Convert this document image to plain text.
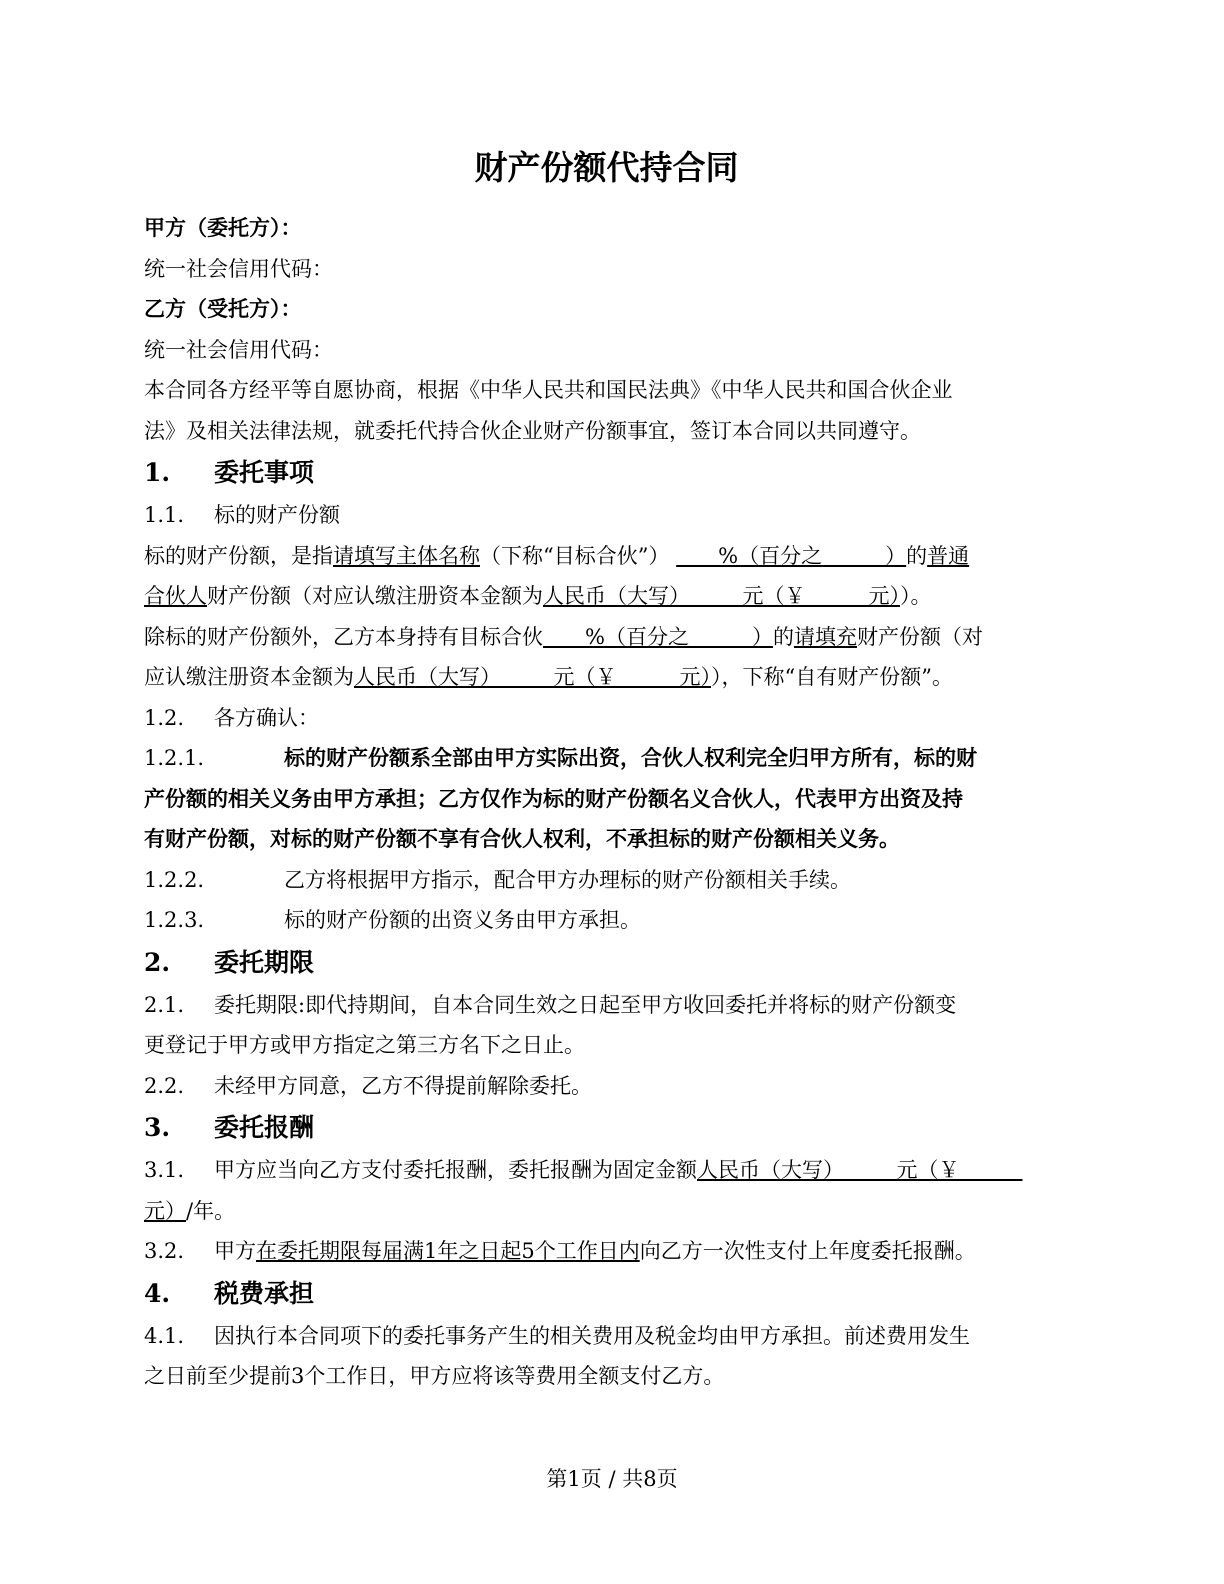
财产份额代持合同
甲方（委托方）：
统一社会信用代码：
乙方（受托方）：
统一社会信用代码：
本合同各方经平等自愿协商，根据《中华人民共和国民法典》《中华人民共和国合伙企业
法》及相关法律法规，就委托代持合伙企业财产份额事宜，签订本合同以共同遵守。
1. 委托事项
1.1. 标的财产份额
标的财产份额，是指请填写主体名称（下称“目标合伙”） 　　%（百分之　　　）的普通
合伙人财产份额（对应认缴注册资本金额为人民币（大写）　　　元（￥　　　元））。
除标的财产份额外，乙方本身持有目标合伙　　%（百分之　　　）的请填充财产份额（对
应认缴注册资本金额为人民币（大写）　　　元（￥　　　元）），下称“自有财产份额”。
1.2. 各方确认：
1.2.1.	标的财产份额系全部由甲方实际出资，合伙人权利完全归甲方所有，标的财
产份额的相关义务由甲方承担；乙方仅作为标的财产份额名义合伙人，代表甲方出资及持
有财产份额，对标的财产份额不享有合伙人权利，不承担标的财产份额相关义务。
1.2.2.	乙方将根据甲方指示，配合甲方办理标的财产份额相关手续。
1.2.3.	标的财产份额的出资义务由甲方承担。
2. 委托期限
2.1. 委托期限:即代持期间，自本合同生效之日起至甲方收回委托并将标的财产份额变
更登记于甲方或甲方指定之第三方名下之日止。
2.2. 未经甲方同意，乙方不得提前解除委托。
3. 委托报酬
3.1. 甲方应当向乙方支付委托报酬，委托报酬为固定金额人民币（大写）　　　元（￥　　　
元）/年。
3.2. 甲方在委托期限每届满1年之日起5个工作日内向乙方一次性支付上年度委托报酬。
4. 税费承担
4.1. 因执行本合同项下的委托事务产生的相关费用及税金均由甲方承担。前述费用发生
之日前至少提前3个工作日，甲方应将该等费用全额支付乙方。
第1页 / 共8页
